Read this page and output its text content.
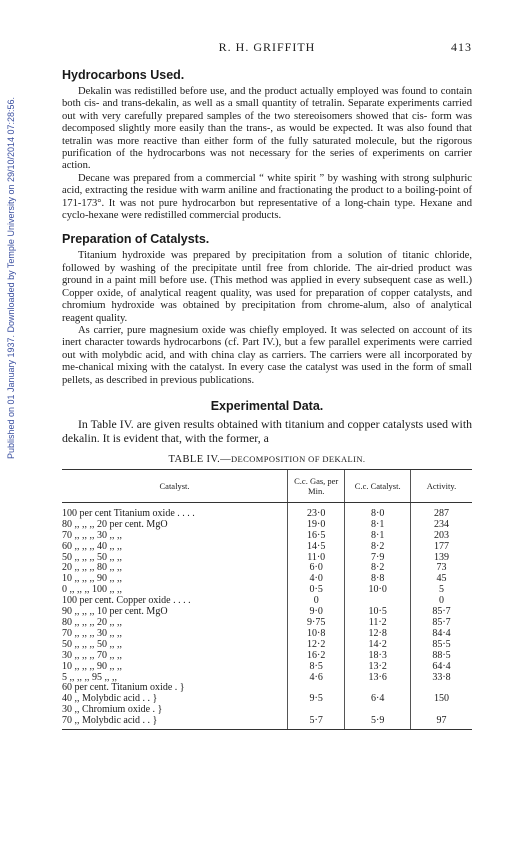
Published on 01 January 1937. Downloaded by Temple University on 29/10/2014 07:28:56.
R. H. GRIFFITH	413
Hydrocarbons Used.

Dekalin was redistilled before use, and the product actually employed was found to contain both cis- and trans-dekalin, as well as a small quantity of tetralin. Separate experiments carried out with very carefully prepared samples of the two stereoisomers showed that cis- form was decomposed slightly more easily than the trans-, as would be expected. It was also found that tetralin was more reactive than either form of the fully saturated molecule, but the rigorous purification of the hydrocarbons was not necessary for the series of experiments on carrier action.

Decane was prepared from a commercial “ white spirit ” by washing with strong sulphuric acid, extracting the residue with warm aniline and fractionating the product to a boiling-point of 171-173°. It was not pure hydrocarbon but representative of a long-chain type. Hexane and cyclo-hexane were redistilled commercial products.

Preparation of Catalysts.

Titanium hydroxide was prepared by precipitation from a solution of titanic chloride, followed by washing of the precipitate until free from chloride. The air-dried product was ground in a paint mill before use. (This method was applied in every subsequent case as well.) Copper oxide, of analytical reagent quality, was used for preparation of copper catalysts, and chromium hydroxide was obtained by precipitation from chrome-alum, also of analytical reagent quality.

As carrier, pure magnesium oxide was chiefly employed. It was selected on account of its inert character towards hydrocarbons (cf. Part IV.), but a few parallel experiments were carried out with molybdic acid, and with china clay as carriers. The carriers were all incorporated by me-chanical mixing with the catalyst. In every case the catalyst was used in the form of small pellets, as described in previous publications.

Experimental Data.

In Table IV. are given results obtained with titanium and copper catalysts used with dekalin. It is evident that, with the former, a

TABLE IV.—DECOMPOSITION OF DEKALIN.
Catalyst.	C.c. Gas, per Min.	C.c. Catalyst.	Activity.
100 per cent Titanium oxide . . . .	23·0	8·0	287
80 ,, ,, ,, 20 per cent. MgO	19·0	8·1	234
70 ,, ,, ,, 30 ,, ,,	16·5	8·1	203
60 ,, ,, ,, 40 ,, ,,	14·5	8·2	177
50 ,, ,, ,, 50 ,, ,,	11·0	7·9	139
20 ,, ,, ,, 80 ,, ,,	6·0	8·2	73
10 ,, ,, ,, 90 ,, ,,	4·0	8·8	45
0 ,, ,, ,, 100 ,, ,,	0·5	10·0	5
100 per cent. Copper oxide . . . .	0		0
90 ,, ,, ,, 10 per cent. MgO	9·0	10·5	85·7
80 ,, ,, ,, 20 ,, ,,	9·75	11·2	85·7
70 ,, ,, ,, 30 ,, ,,	10·8	12·8	84·4
50 ,, ,, ,, 50 ,, ,,	12·2	14·2	85·5
30 ,, ,, ,, 70 ,, ,,	16·2	18·3	88·5
10 ,, ,, ,, 90 ,, ,,	8·5	13·2	64·4
5 ,, ,, ,, 95 ,, ,,	4·6	13·6	33·8
60 per cent. Titanium oxide . }			
40 ,, Molybdic acid . . }	9·5	6·4	150
30 ,, Chromium oxide . }			
70 ,, Molybdic acid . . }	5·7	5·9	97
